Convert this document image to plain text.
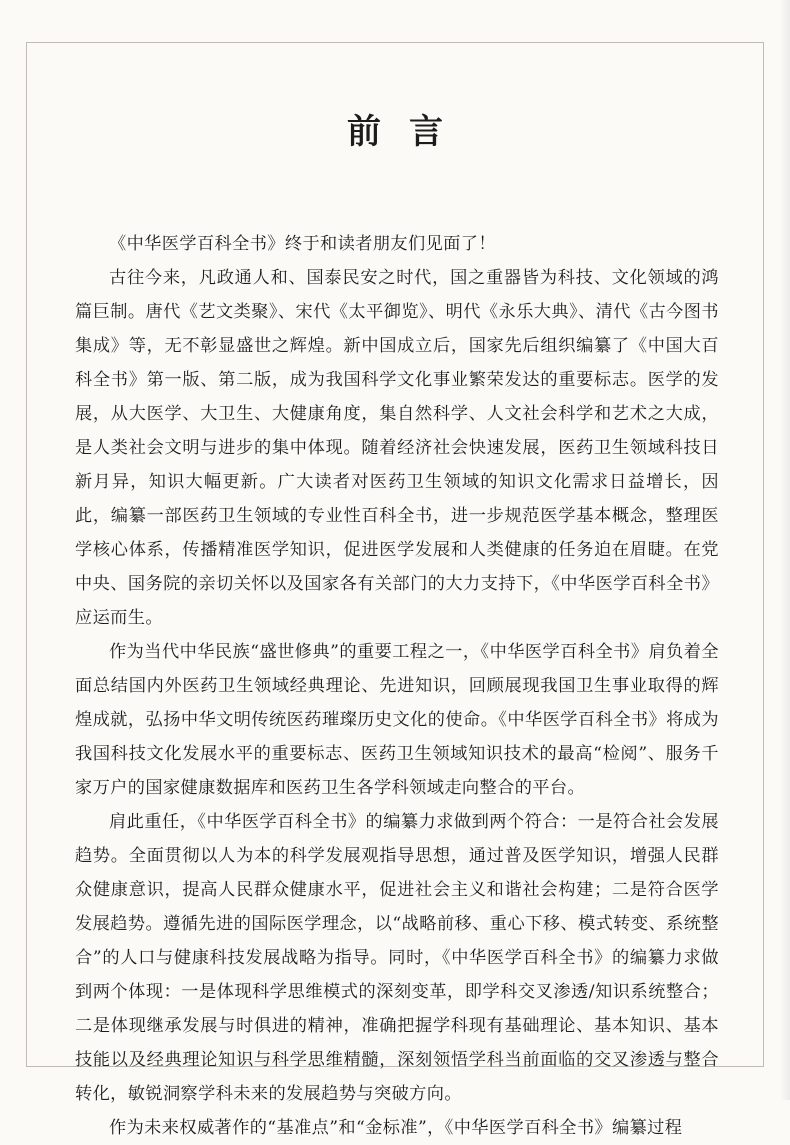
前言

《中华医学百科全书》终于和读者朋友们见面了！

古往今来，凡政通人和、国泰民安之时代，国之重器皆为科技、文化领域的鸿篇巨制。唐代《艺文类聚》、宋代《太平御览》、明代《永乐大典》、清代《古今图书集成》等，无不彰显盛世之辉煌。新中国成立后，国家先后组织编纂了《中国大百科全书》第一版、第二版，成为我国科学文化事业繁荣发达的重要标志。医学的发展，从大医学、大卫生、大健康角度，集自然科学、人文社会科学和艺术之大成，是人类社会文明与进步的集中体现。随着经济社会快速发展，医药卫生领域科技日新月异，知识大幅更新。广大读者对医药卫生领域的知识文化需求日益增长，因此，编纂一部医药卫生领域的专业性百科全书，进一步规范医学基本概念，整理医学核心体系，传播精准医学知识，促进医学发展和人类健康的任务迫在眉睫。在党中央、国务院的亲切关怀以及国家各有关部门的大力支持下，《中华医学百科全书》应运而生。

作为当代中华民族“盛世修典”的重要工程之一，《中华医学百科全书》肩负着全面总结国内外医药卫生领域经典理论、先进知识，回顾展现我国卫生事业取得的辉煌成就，弘扬中华文明传统医药璀璨历史文化的使命。《中华医学百科全书》将成为我国科技文化发展水平的重要标志、医药卫生领域知识技术的最高“检阅”、服务千家万户的国家健康数据库和医药卫生各学科领域走向整合的平台。

肩此重任，《中华医学百科全书》的编纂力求做到两个符合：一是符合社会发展趋势。全面贯彻以人为本的科学发展观指导思想，通过普及医学知识，增强人民群众健康意识，提高人民群众健康水平，促进社会主义和谐社会构建；二是符合医学发展趋势。遵循先进的国际医学理念，以“战略前移、重心下移、模式转变、系统整合”的人口与健康科技发展战略为指导。同时，《中华医学百科全书》的编纂力求做到两个体现：一是体现科学思维模式的深刻变革，即学科交叉渗透/知识系统整合；二是体现继承发展与时俱进的精神，准确把握学科现有基础理论、基本知识、基本技能以及经典理论知识与科学思维精髓，深刻领悟学科当前面临的交叉渗透与整合转化，敏锐洞察学科未来的发展趋势与突破方向。

作为未来权威著作的“基准点”和“金标准”，《中华医学百科全书》编纂过程
